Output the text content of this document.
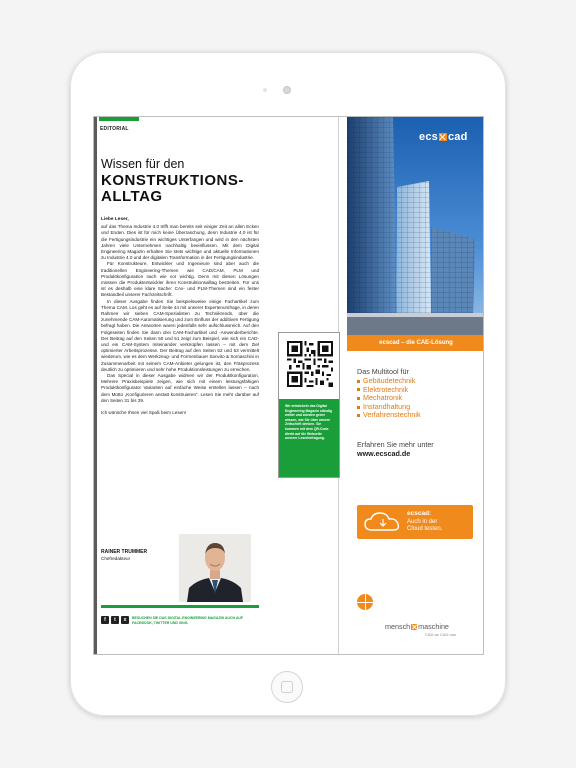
EDITORIAL
Wissen für den
KONSTRUKTIONS-ALLTAG
Liebe Leser,

auf das Thema Industrie 4.0 trifft man bereits seit einiger Zeit an allen Ecken und Enden. Dies ist für mich keine Überraschung, denn Industrie 4.0 ist für die Fertigungsindustrie ein wichtiges Unterfangen und wird in den nächsten Jahren viele Unternehmen nachhaltig beeinflussen. Mit dem Digital Engineering Magazin erhalten Sie stets wichtige und aktuelle Informationen zu Industrie 4.0 und der digitalen Transformation in der Fertigungsindustrie.

Für Konstrukteure, Entwickler und Ingenieure sind aber auch die traditionellen Engineering-Themen wie CAD/CAM, PLM und Produktkonfiguration nach wie vor wichtig. Denn mit diesen Lösungen müssen die Produktentwickler ihren Konstruktionsalltag bestreiten. Für uns ist es deshalb eine klare Sache: CAx- und PLM-Themen sind ein fester Bestandteil unserer Fachzeitschrift.

In dieser Ausgabe finden Sie beispielsweise einige Fachartikel zum Thema CAM. Los geht es auf Seite 44 mit unserer Expertenumfrage, in deren Rahmen wir sieben CAM-Spezialisten zu Technikrends, über die zunehmende CAM-Automatisierung und zum Einfluss der additiven Fertigung befragt haben. Die Antworten waren jedenfalls sehr aufschlussreich. Auf den Folgeseiten finden Sie dann drei CAM-Fachartikel und -Anwenderberichte. Der Beitrag auf den Seiten 50 und 51 zeigt zum Beispiel, wie sich ein CAD- und ein CAM-System miteinander verknüpfen lassen – mit dem Ziel optimierter Arbeitsprozesse. Der Beitrag auf den Seiten 52 und 53 vermittelt wiederum, wie es dem Werkzeug- und Formenbauer Sanvito & Somaschini in Zusammenarbeit mit seinem CAM-Anbieter gelungen ist, den Fräsprozess deutlich zu optimieren und sehr hohe Produktionsleistungen zu erreichen.

Das Special in dieser Ausgabe widmen wir der Produktkonfiguration. Mehrere Praxisbeispiele zeigen, wie sich mit einem leistungsfähigen Produktkonfigurator Varianten auf einfache Weise erstellen lassen – nach dem Motto „Konfigurieren anstatt konstruieren“. Lesen Sie mehr darüber auf den Seiten 31 bis 39.

Ich wünsche Ihnen viel Spaß beim Lesen!

RAINER TRUMMER
Chefredakteur
f	t	x	BESUCHEN SIE DAS DIGITAL ENGINEERING MAGAZIN AUCH AUF FACEBOOK, TWITTER UND XING.
Wir entwickeln das Digital Engineering Magazin ständig weiter und würden gerne wissen, wie Sie über unsere Zeitschrift denken. Sie kommen mit dem QR-Code direkt auf die Webseite unserer Leserbefragung.
ecs cad
ecscad – die CAE-Lösung
Das Multitool für
Gebäudetechnik
Elektrotechnik
Mechatronik
Instandhaltung
Verfahrenstechnik
Erfahren Sie mehr unter
www.ecscad.de
ecscad:
Auch in der
Cloud testen.
mensch maschine
CAD as CAD can
